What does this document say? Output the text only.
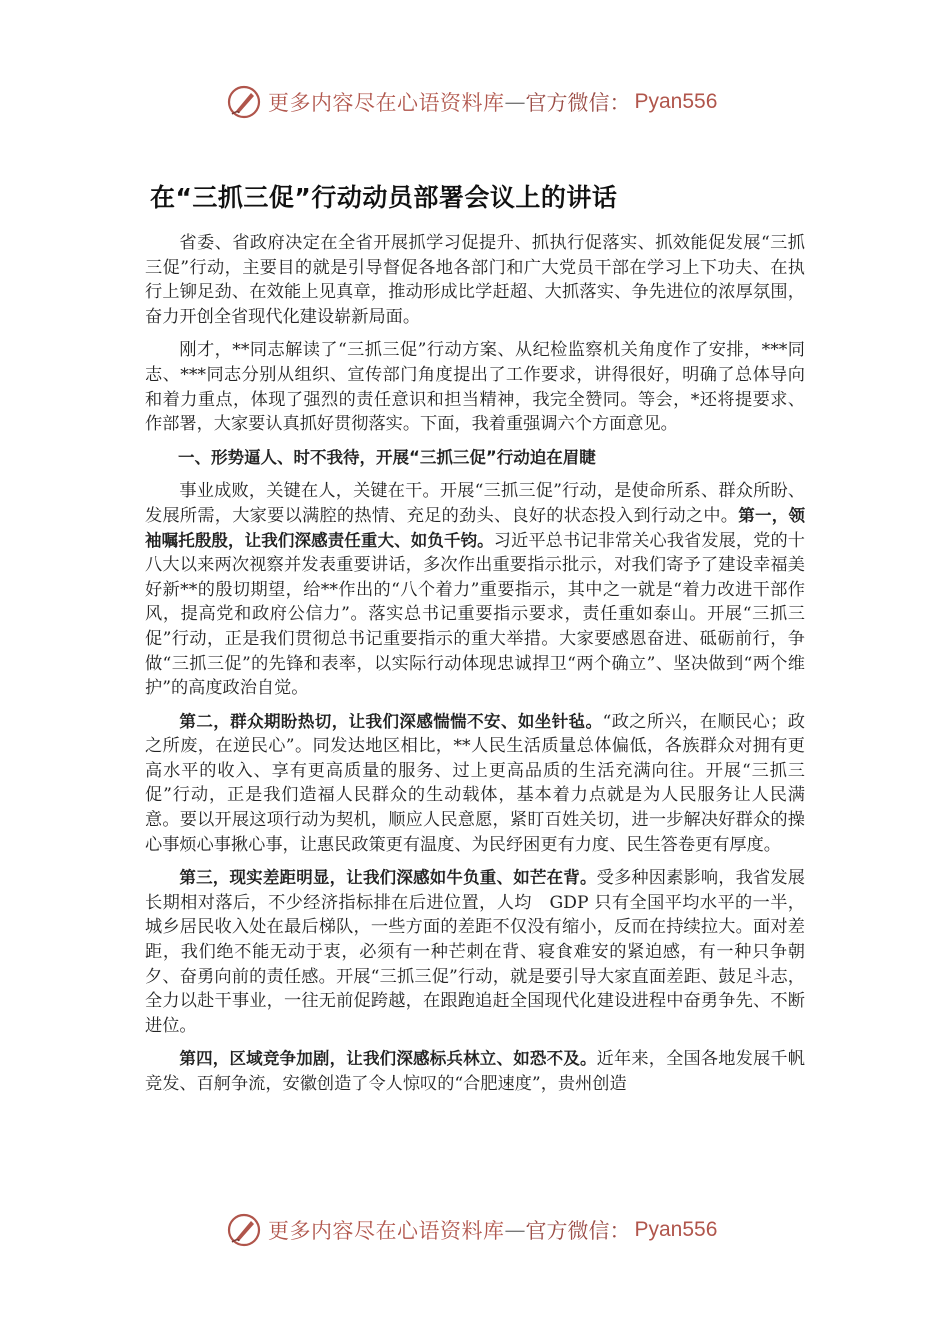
更多内容尽在心语资料库 — 官方微信： Pyan556
在“三抓三促”行动动员部署会议上的讲话

省委、省政府决定在全省开展抓学习促提升、抓执行促落实、抓效能促发展“三抓三促”行动，主要目的就是引导督促各地各部门和广大党员干部在学习上下功夫、在执行上铆足劲、在效能上见真章，推动形成比学赶超、大抓落实、争先进位的浓厚氛围，奋力开创全省现代化建设崭新局面。

刚才，**同志解读了“三抓三促”行动方案、从纪检监察机关角度作了安排，***同志、***同志分别从组织、宣传部门角度提出了工作要求，讲得很好，明确了总体导向和着力重点，体现了强烈的责任意识和担当精神，我完全赞同。等会，*还将提要求、作部署，大家要认真抓好贯彻落实。下面，我着重强调六个方面意见。

一、形势逼人、时不我待，开展“三抓三促”行动迫在眉睫

事业成败，关键在人，关键在干。开展“三抓三促”行动，是使命所系、群众所盼、发展所需，大家要以满腔的热情、充足的劲头、良好的状态投入到行动之中。第一，领袖嘱托殷殷，让我们深感责任重大、如负千钧。习近平总书记非常关心我省发展，党的十八大以来两次视察并发表重要讲话，多次作出重要指示批示，对我们寄予了建设幸福美好新**的殷切期望，给**作出的“八个着力”重要指示，其中之一就是“着力改进干部作风，提高党和政府公信力”。落实总书记重要指示要求，责任重如泰山。开展“三抓三促”行动，正是我们贯彻总书记重要指示的重大举措。大家要感恩奋进、砥砺前行，争做“三抓三促”的先锋和表率，以实际行动体现忠诚捍卫“两个确立”、坚决做到“两个维护”的高度政治自觉。

第二，群众期盼热切，让我们深感惴惴不安、如坐针毡。“政之所兴，在顺民心；政之所废，在逆民心”。同发达地区相比，**人民生活质量总体偏低，各族群众对拥有更高水平的收入、享有更高质量的服务、过上更高品质的生活充满向往。开展“三抓三促”行动，正是我们造福人民群众的生动载体，基本着力点就是为人民服务让人民满意。要以开展这项行动为契机，顺应人民意愿，紧盯百姓关切，进一步解决好群众的操心事烦心事揪心事，让惠民政策更有温度、为民纾困更有力度、民生答卷更有厚度。

第三，现实差距明显，让我们深感如牛负重、如芒在背。受多种因素影响，我省发展长期相对落后，不少经济指标排在后进位置，人均　GDP 只有全国平均水平的一半，城乡居民收入处在最后梯队，一些方面的差距不仅没有缩小，反而在持续拉大。面对差距，我们绝不能无动于衷，必须有一种芒刺在背、寝食难安的紧迫感，有一种只争朝夕、奋勇向前的责任感。开展“三抓三促”行动，就是要引导大家直面差距、鼓足斗志，全力以赴干事业，一往无前促跨越，在跟跑追赶全国现代化建设进程中奋勇争先、不断进位。

第四，区域竞争加剧，让我们深感标兵林立、如恐不及。近年来，全国各地发展千帆竞发、百舸争流，安徽创造了令人惊叹的“合肥速度”，贵州创造

更多内容尽在心语资料库 — 官方微信： Pyan556
